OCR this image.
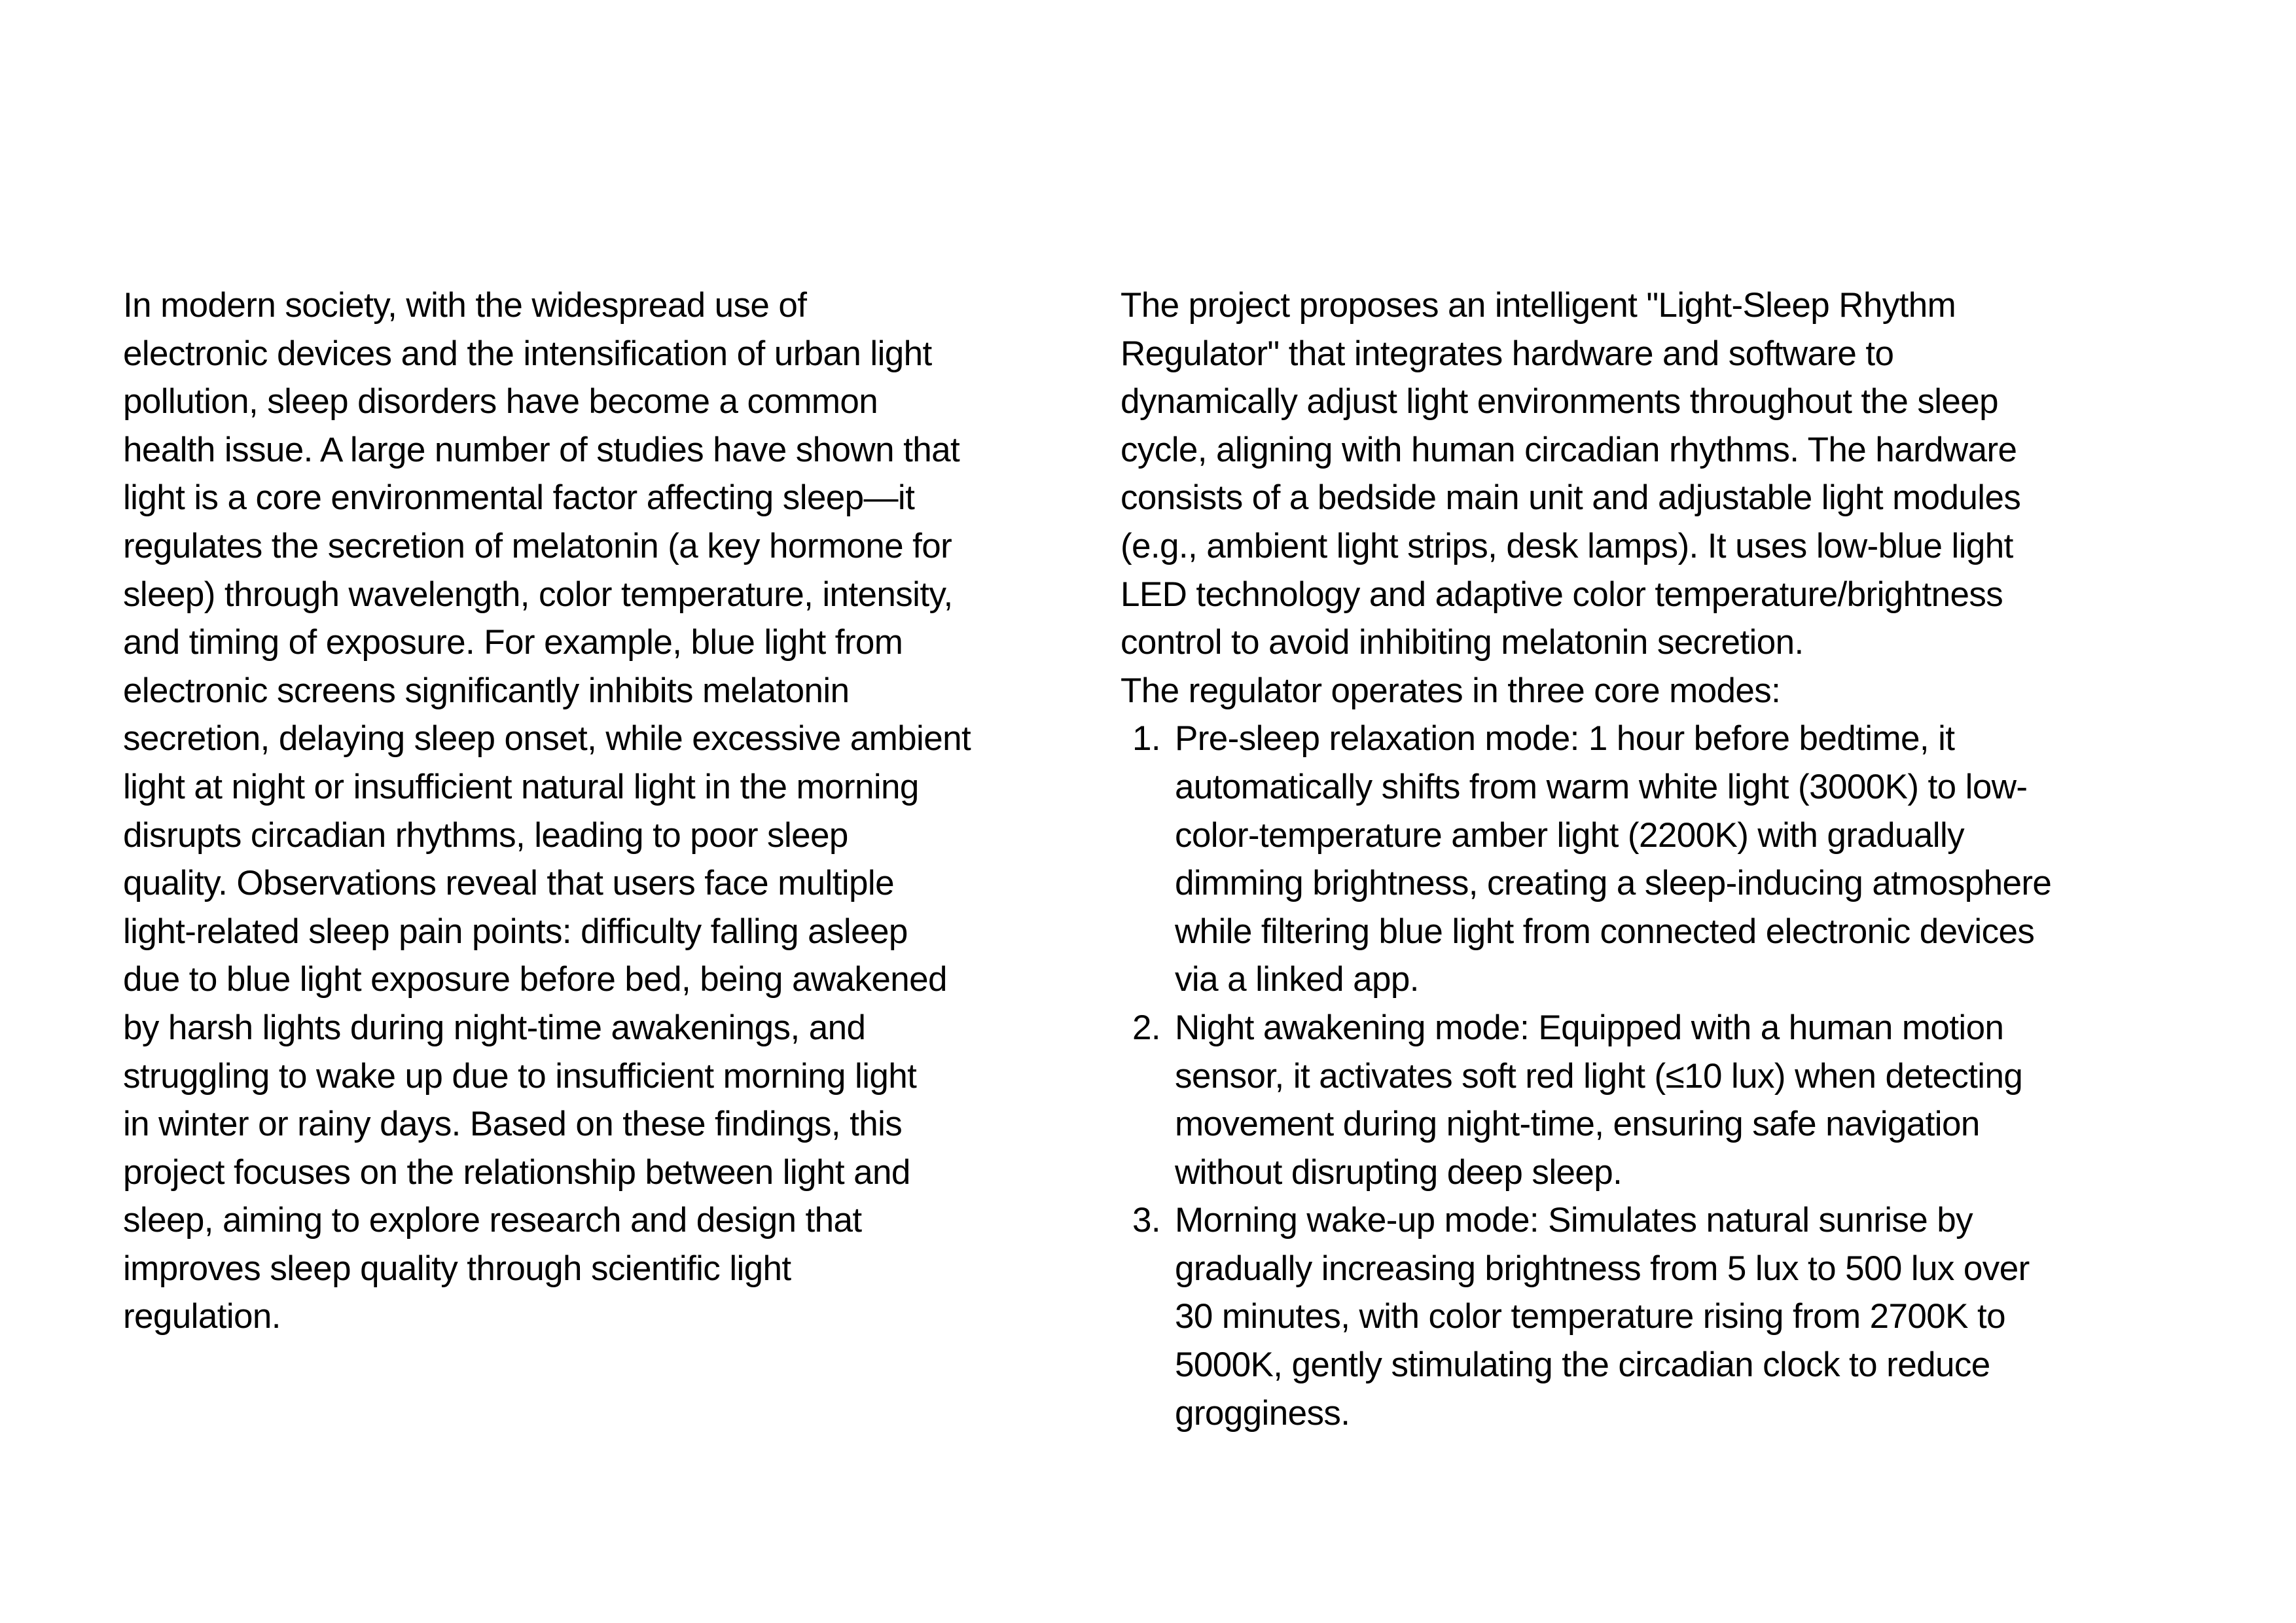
In modern society, with the widespread use of
electronic devices and the intensification of urban light
pollution, sleep disorders have become a common
health issue. A large number of studies have shown that
light is a core environmental factor affecting sleep—it
regulates the secretion of melatonin (a key hormone for
sleep) through wavelength, color temperature, intensity,
and timing of exposure. For example, blue light from
electronic screens significantly inhibits melatonin
secretion, delaying sleep onset, while excessive ambient
light at night or insufficient natural light in the morning
disrupts circadian rhythms, leading to poor sleep
quality. Observations reveal that users face multiple
light-related sleep pain points: difficulty falling asleep
due to blue light exposure before bed, being awakened
by harsh lights during night-time awakenings, and
struggling to wake up due to insufficient morning light
in winter or rainy days. Based on these findings, this
project focuses on the relationship between light and
sleep, aiming to explore research and design that
improves sleep quality through scientific light
regulation.
The project proposes an intelligent "Light-Sleep Rhythm
Regulator" that integrates hardware and software to
dynamically adjust light environments throughout the sleep
cycle, aligning with human circadian rhythms. The hardware
consists of a bedside main unit and adjustable light modules
(e.g., ambient light strips, desk lamps). It uses low-blue light
LED technology and adaptive color temperature/brightness
control to avoid inhibiting melatonin secretion.
The regulator operates in three core modes:
1. Pre-sleep relaxation mode: 1 hour before bedtime, it
automatically shifts from warm white light (3000K) to low-
color-temperature amber light (2200K) with gradually
dimming brightness, creating a sleep-inducing atmosphere
while filtering blue light from connected electronic devices
via a linked app.
2. Night awakening mode: Equipped with a human motion
sensor, it activates soft red light (≤10 lux) when detecting
movement during night-time, ensuring safe navigation
without disrupting deep sleep.
3. Morning wake-up mode: Simulates natural sunrise by
gradually increasing brightness from 5 lux to 500 lux over
30 minutes, with color temperature rising from 2700K to
5000K, gently stimulating the circadian clock to reduce
grogginess.
